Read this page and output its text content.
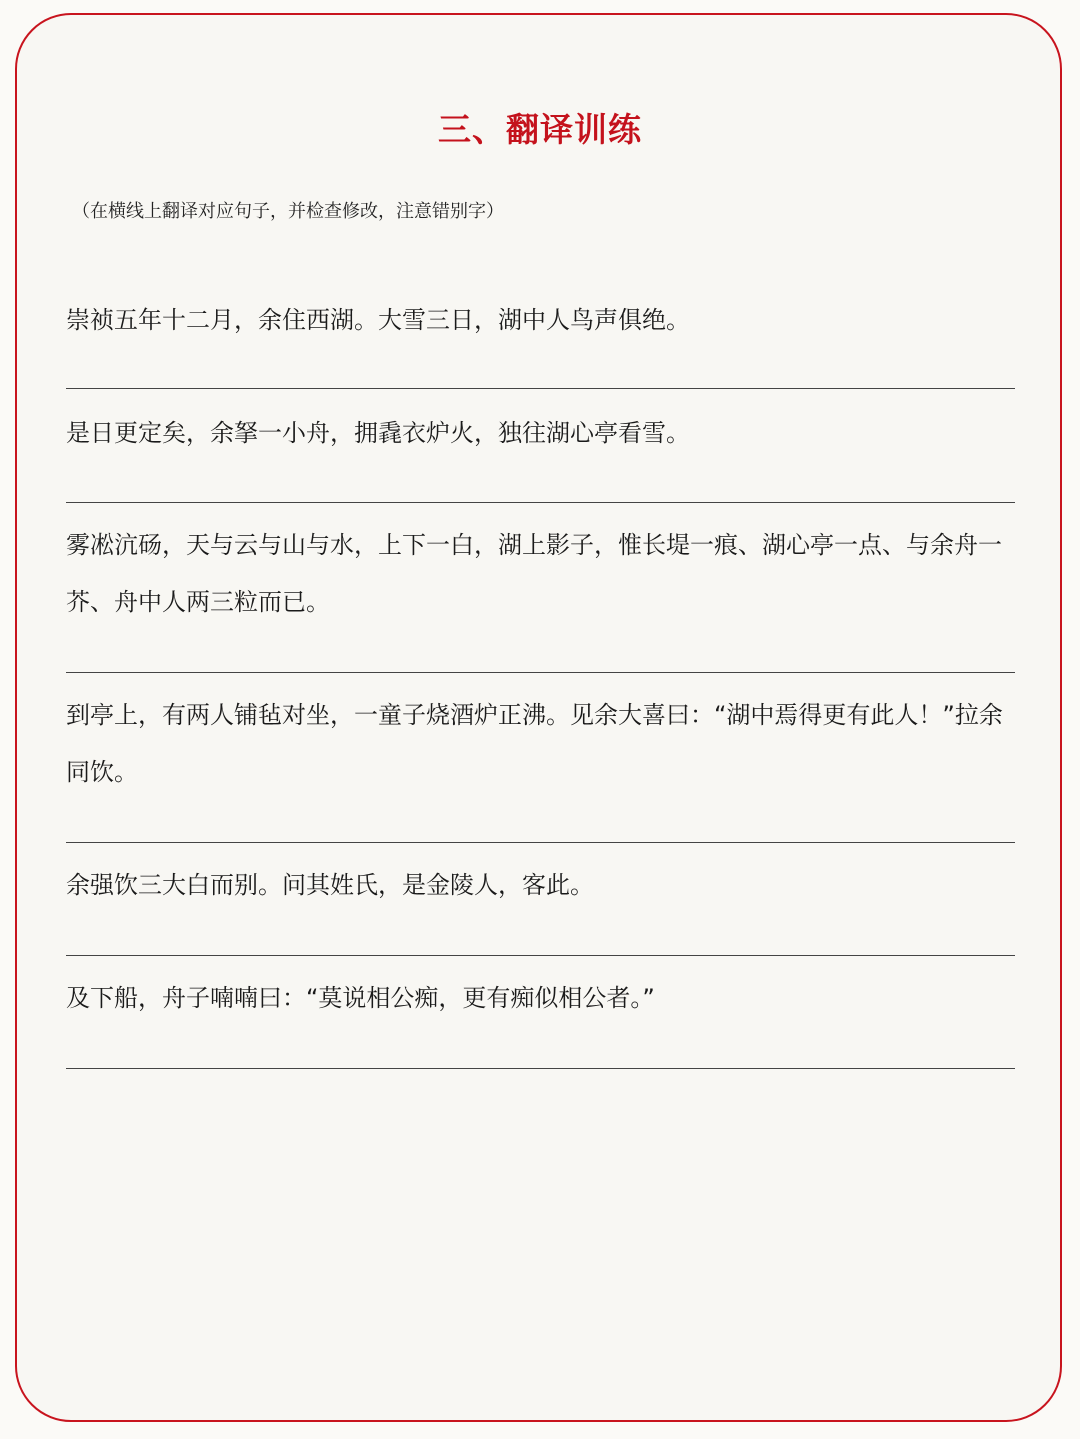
三、翻译训练
（在横线上翻译对应句子，并检查修改，注意错别字）
崇祯五年十二月，余住西湖。大雪三日，湖中人鸟声俱绝。
是日更定矣，余拏一小舟，拥毳衣炉火，独往湖心亭看雪。
雾凇沆砀，天与云与山与水，上下一白，湖上影子，惟长堤一痕、湖心亭一点、与余舟一芥、舟中人两三粒而已。
到亭上，有两人铺毡对坐，一童子烧酒炉正沸。见余大喜曰：“湖中焉得更有此人！”拉余同饮。
余强饮三大白而别。问其姓氏，是金陵人，客此。
及下船，舟子喃喃曰：“莫说相公痴，更有痴似相公者。”
